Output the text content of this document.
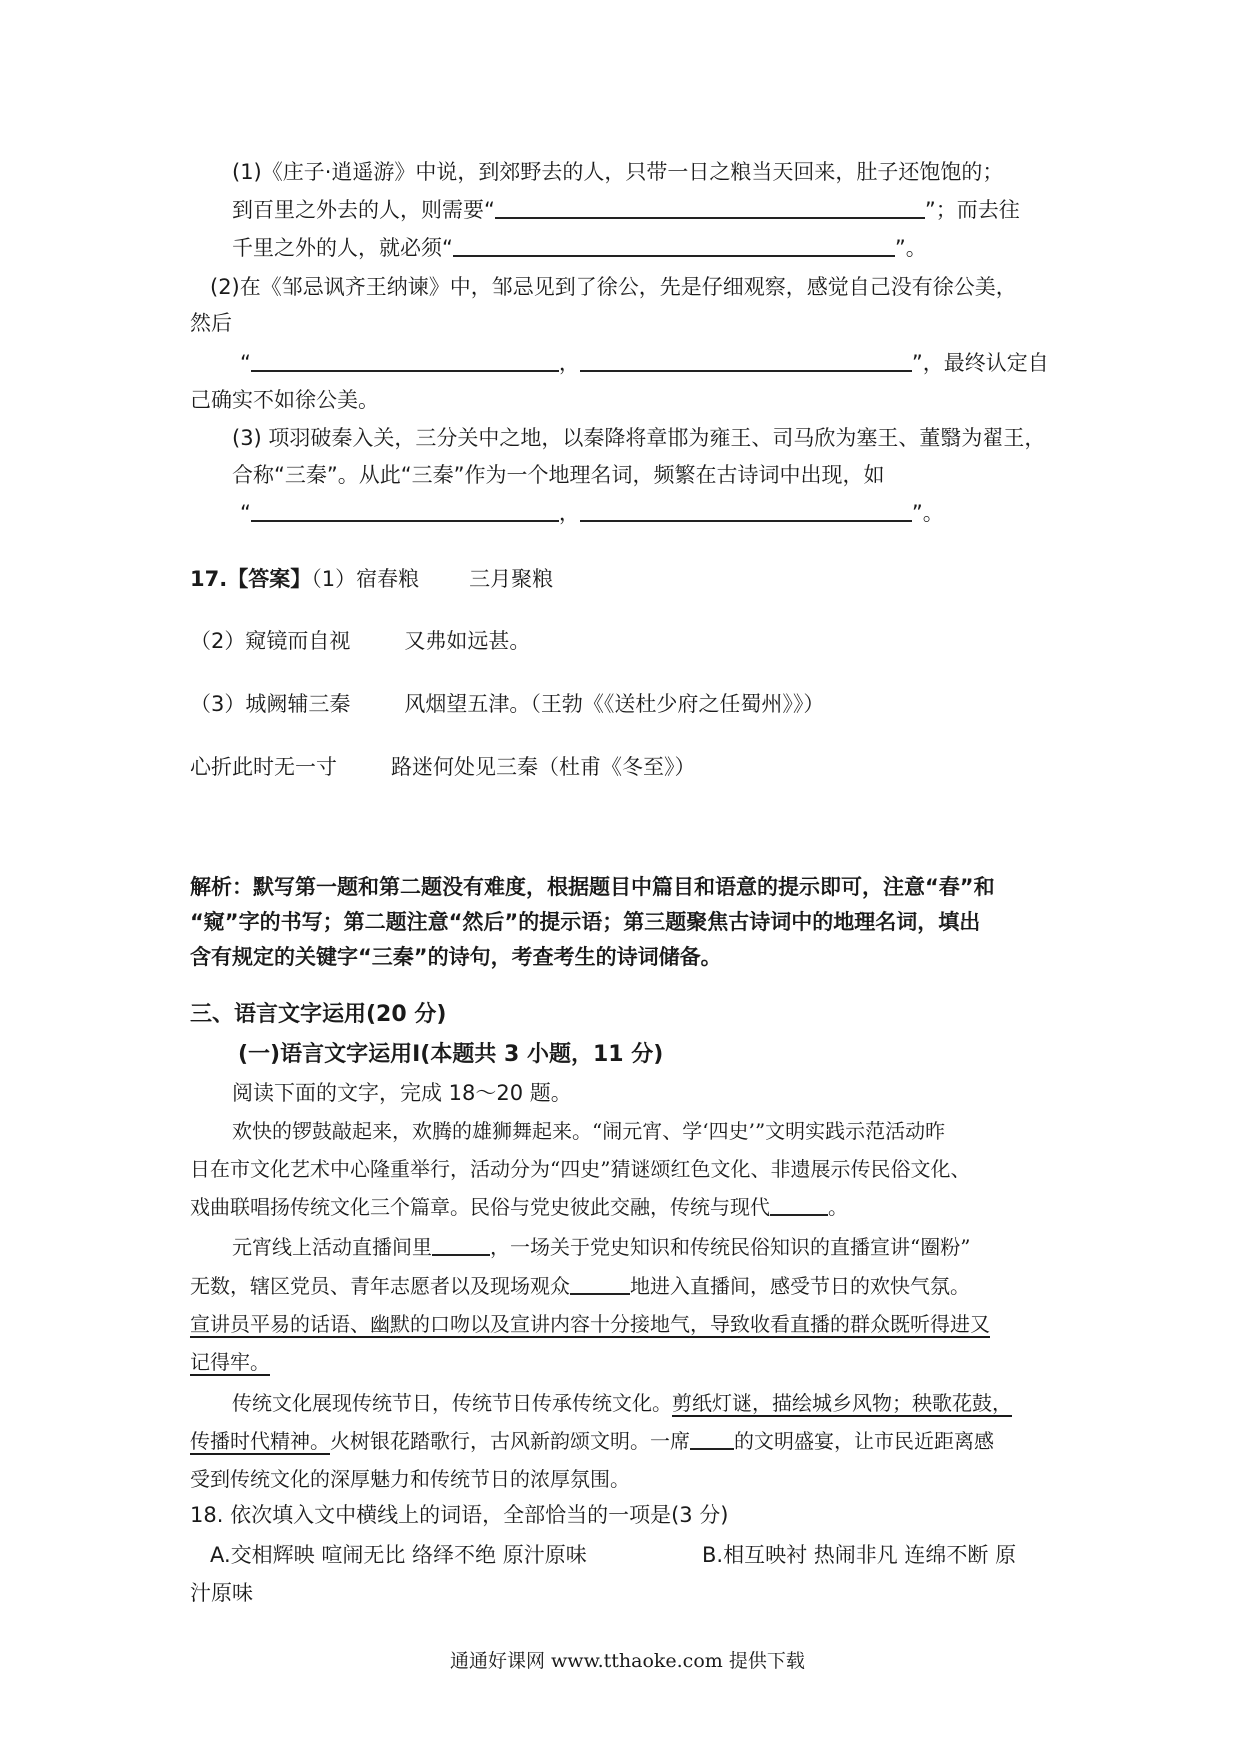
(1)《庄子·逍遥游》中说，到郊野去的人，只带一日之粮当天回来，肚子还饱饱的；
到百里之外去的人，则需要“	”；而去往
千里之外的人，就必须“	”。
(2)在《邹忌讽齐王纳谏》中，邹忌见到了徐公，先是仔细观察，感觉自己没有徐公美，
然后
“	，	”，最终认定自
己确实不如徐公美。
(3) 项羽破秦入关，三分关中之地，以秦降将章邯为雍王、司马欣为塞王、董翳为翟王，
合称“三秦”。从此“三秦”作为一个地理名词，频繁在古诗词中出现，如
“	，	”。
17.【答案】（1）宿春粮 三月聚粮
（2）窥镜而自视	又弗如远甚。
（3）城阙辅三秦	风烟望五津。（王勃《《送杜少府之任蜀州》》）
心折此时无一寸	路迷何处见三秦（杜甫《冬至》）
解析：默写第一题和第二题没有难度，根据题目中篇目和语意的提示即可，注意“春”和
“窥”字的书写；第二题注意“然后”的提示语；第三题聚焦古诗词中的地理名词，填出
含有规定的关键字“三秦”的诗句，考查考生的诗词储备。
三、语言文字运用(20 分)
(一)语言文字运用Ⅰ(本题共 3 小题，11 分)
阅读下面的文字，完成 18～20 题。
欢快的锣鼓敲起来，欢腾的雄狮舞起来。“闹元宵、学‘四史’”文明实践示范活动昨
日在市文化艺术中心隆重举行，活动分为“四史”猜谜颂红色文化、非遗展示传民俗文化、
戏曲联唱扬传统文化三个篇章。民俗与党史彼此交融，传统与现代	。
元宵线上活动直播间里	，一场关于党史知识和传统民俗知识的直播宣讲“圈粉”
无数，辖区党员、青年志愿者以及现场观众	地进入直播间，感受节日的欢快气氛。
宣讲员平易的话语、幽默的口吻以及宣讲内容十分接地气，导致收看直播的群众既听得进又
记得牢。
传统文化展现传统节日，传统节日传承传统文化。剪纸灯谜，描绘城乡风物；秧歌花鼓，
传播时代精神。火树银花踏歌行，古风新韵颂文明。一席 的文明盛宴，让市民近距离感
受到传统文化的深厚魅力和传统节日的浓厚氛围。
18. 依次填入文中横线上的词语，全部恰当的一项是(3 分)
A.交相辉映 喧闹无比 络绎不绝 原汁原味	B.相互映衬 热闹非凡 连绵不断 原
汁原味
通通好课网 www.tthaoke.com 提供下载
